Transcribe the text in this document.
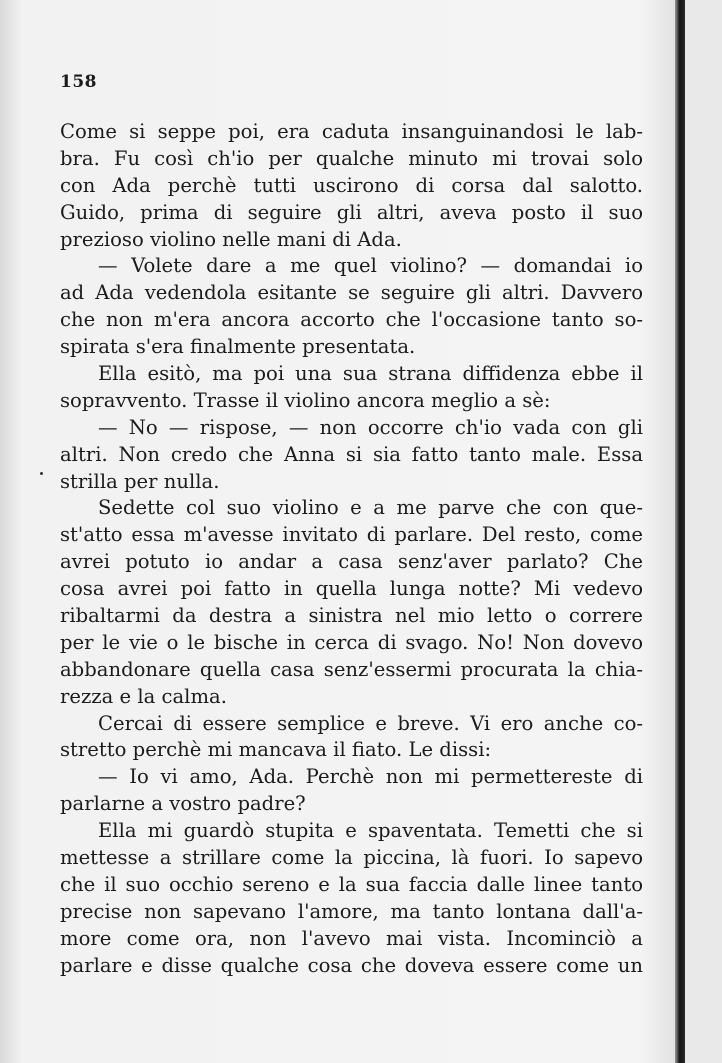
158

Come si seppe poi, era caduta insanguinandosi le lab-
bra. Fu così ch'io per qualche minuto mi trovai solo
con Ada perchè tutti uscirono di corsa dal salotto.
Guido, prima di seguire gli altri, aveva posto il suo
prezioso violino nelle mani di Ada.
— Volete dare a me quel violino? — domandai io
ad Ada vedendola esitante se seguire gli altri. Davvero
che non m'era ancora accorto che l'occasione tanto so-
spirata s'era finalmente presentata.
Ella esitò, ma poi una sua strana diffidenza ebbe il
sopravvento. Trasse il violino ancora meglio a sè:
— No — rispose, — non occorre ch'io vada con gli
altri. Non credo che Anna si sia fatto tanto male. Essa
strilla per nulla.
Sedette col suo violino e a me parve che con que-
st'atto essa m'avesse invitato di parlare. Del resto, come
avrei potuto io andar a casa senz'aver parlato? Che
cosa avrei poi fatto in quella lunga notte? Mi vedevo
ribaltarmi da destra a sinistra nel mio letto o correre
per le vie o le bische in cerca di svago. No! Non dovevo
abbandonare quella casa senz'essermi procurata la chia-
rezza e la calma.
Cercai di essere semplice e breve. Vi ero anche co-
stretto perchè mi mancava il fiato. Le dissi:
— Io vi amo, Ada. Perchè non mi permettereste di
parlarne a vostro padre?
Ella mi guardò stupita e spaventata. Temetti che si
mettesse a strillare come la piccina, là fuori. Io sapevo
che il suo occhio sereno e la sua faccia dalle linee tanto
precise non sapevano l'amore, ma tanto lontana dall'a-
more come ora, non l'avevo mai vista. Incominciò a
parlare e disse qualche cosa che doveva essere come un
